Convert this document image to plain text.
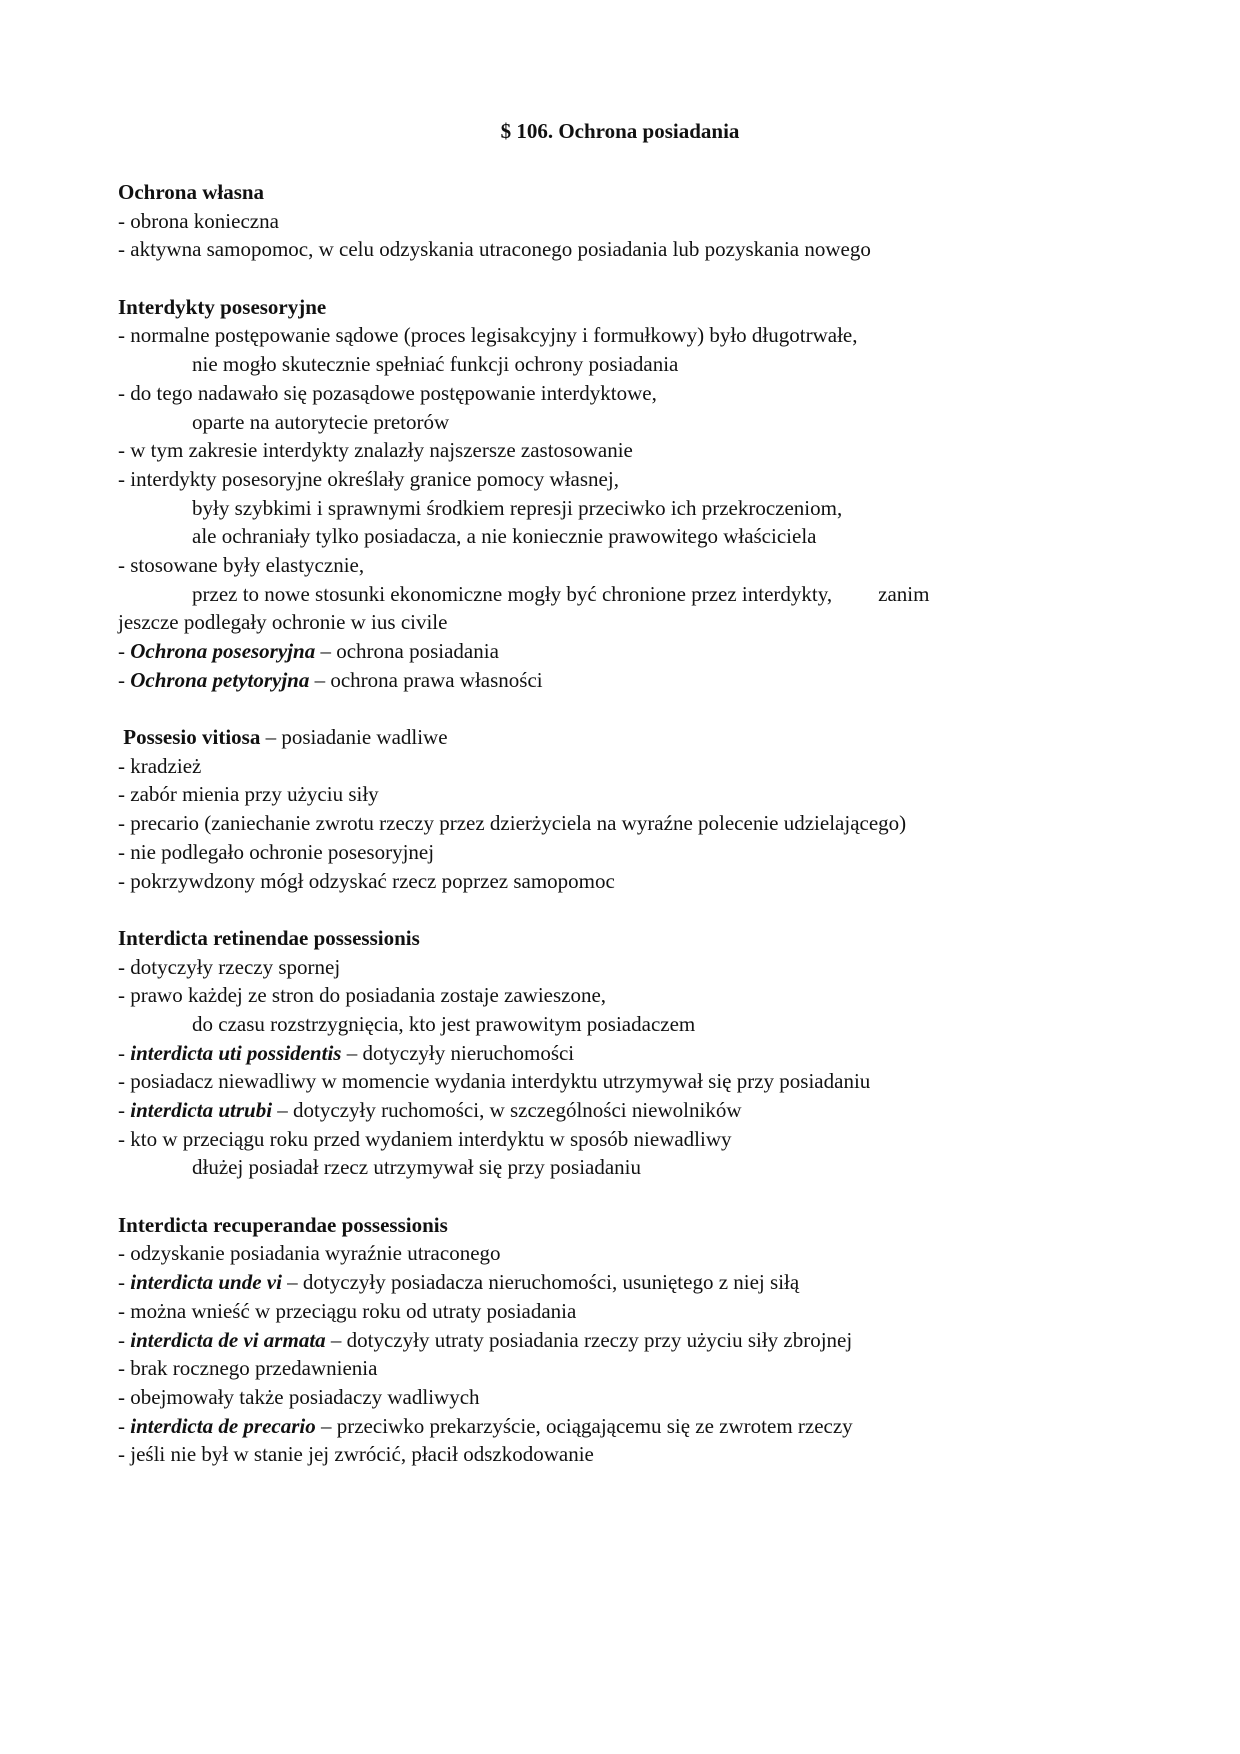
$ 106. Ochrona posiadania
Ochrona własna
- obrona konieczna
- aktywna samopomoc, w celu odzyskania utraconego posiadania lub pozyskania nowego
Interdykty posesoryjne
- normalne postępowanie sądowe (proces legisakcyjny i formułkowy) było długotrwałe,
nie mogło skutecznie spełniać funkcji ochrony posiadania
- do tego nadawało się pozasądowe postępowanie interdyktowe,
oparte na autorytecie pretorów
- w tym zakresie interdykty znalazły najszersze zastosowanie
- interdykty posesoryjne określały granice pomocy własnej,
były szybkimi i sprawnymi środkiem represji przeciwko ich przekroczeniom,
ale ochraniały tylko posiadacza, a nie koniecznie prawowitego właściciela
- stosowane były elastycznie,
przez to nowe stosunki ekonomiczne mogły być chronione przez interdykty, zanim
jeszcze podlegały ochronie w ius civile
- Ochrona posesoryjna – ochrona posiadania
- Ochrona petytoryjna – ochrona prawa własności
Possesio vitiosa – posiadanie wadliwe
- kradzież
- zabór mienia przy użyciu siły
- precario (zaniechanie zwrotu rzeczy przez dzierżyciela na wyraźne polecenie udzielającego)
- nie podlegało ochronie posesoryjnej
- pokrzywdzony mógł odzyskać rzecz poprzez samopomoc
Interdicta retinendae possessionis
- dotyczyły rzeczy spornej
- prawo każdej ze stron do posiadania zostaje zawieszone,
do czasu rozstrzygnięcia, kto jest prawowitym posiadaczem
- interdicta uti possidentis – dotyczyły nieruchomości
- posiadacz niewadliwy w momencie wydania interdyktu utrzymywał się przy posiadaniu
- interdicta utrubi – dotyczyły ruchomości, w szczególności niewolników
- kto w przeciągu roku przed wydaniem interdyktu w sposób niewadliwy
dłużej posiadał rzecz utrzymywał się przy posiadaniu
Interdicta recuperandae possessionis
- odzyskanie posiadania wyraźnie utraconego
- interdicta unde vi – dotyczyły posiadacza nieruchomości, usuniętego z niej siłą
- można wnieść w przeciągu roku od utraty posiadania
- interdicta de vi armata – dotyczyły utraty posiadania rzeczy przy użyciu siły zbrojnej
- brak rocznego przedawnienia
- obejmowały także posiadaczy wadliwych
- interdicta de precario – przeciwko prekarzyście, ociągającemu się ze zwrotem rzeczy
- jeśli nie był w stanie jej zwrócić, płacił odszkodowanie
